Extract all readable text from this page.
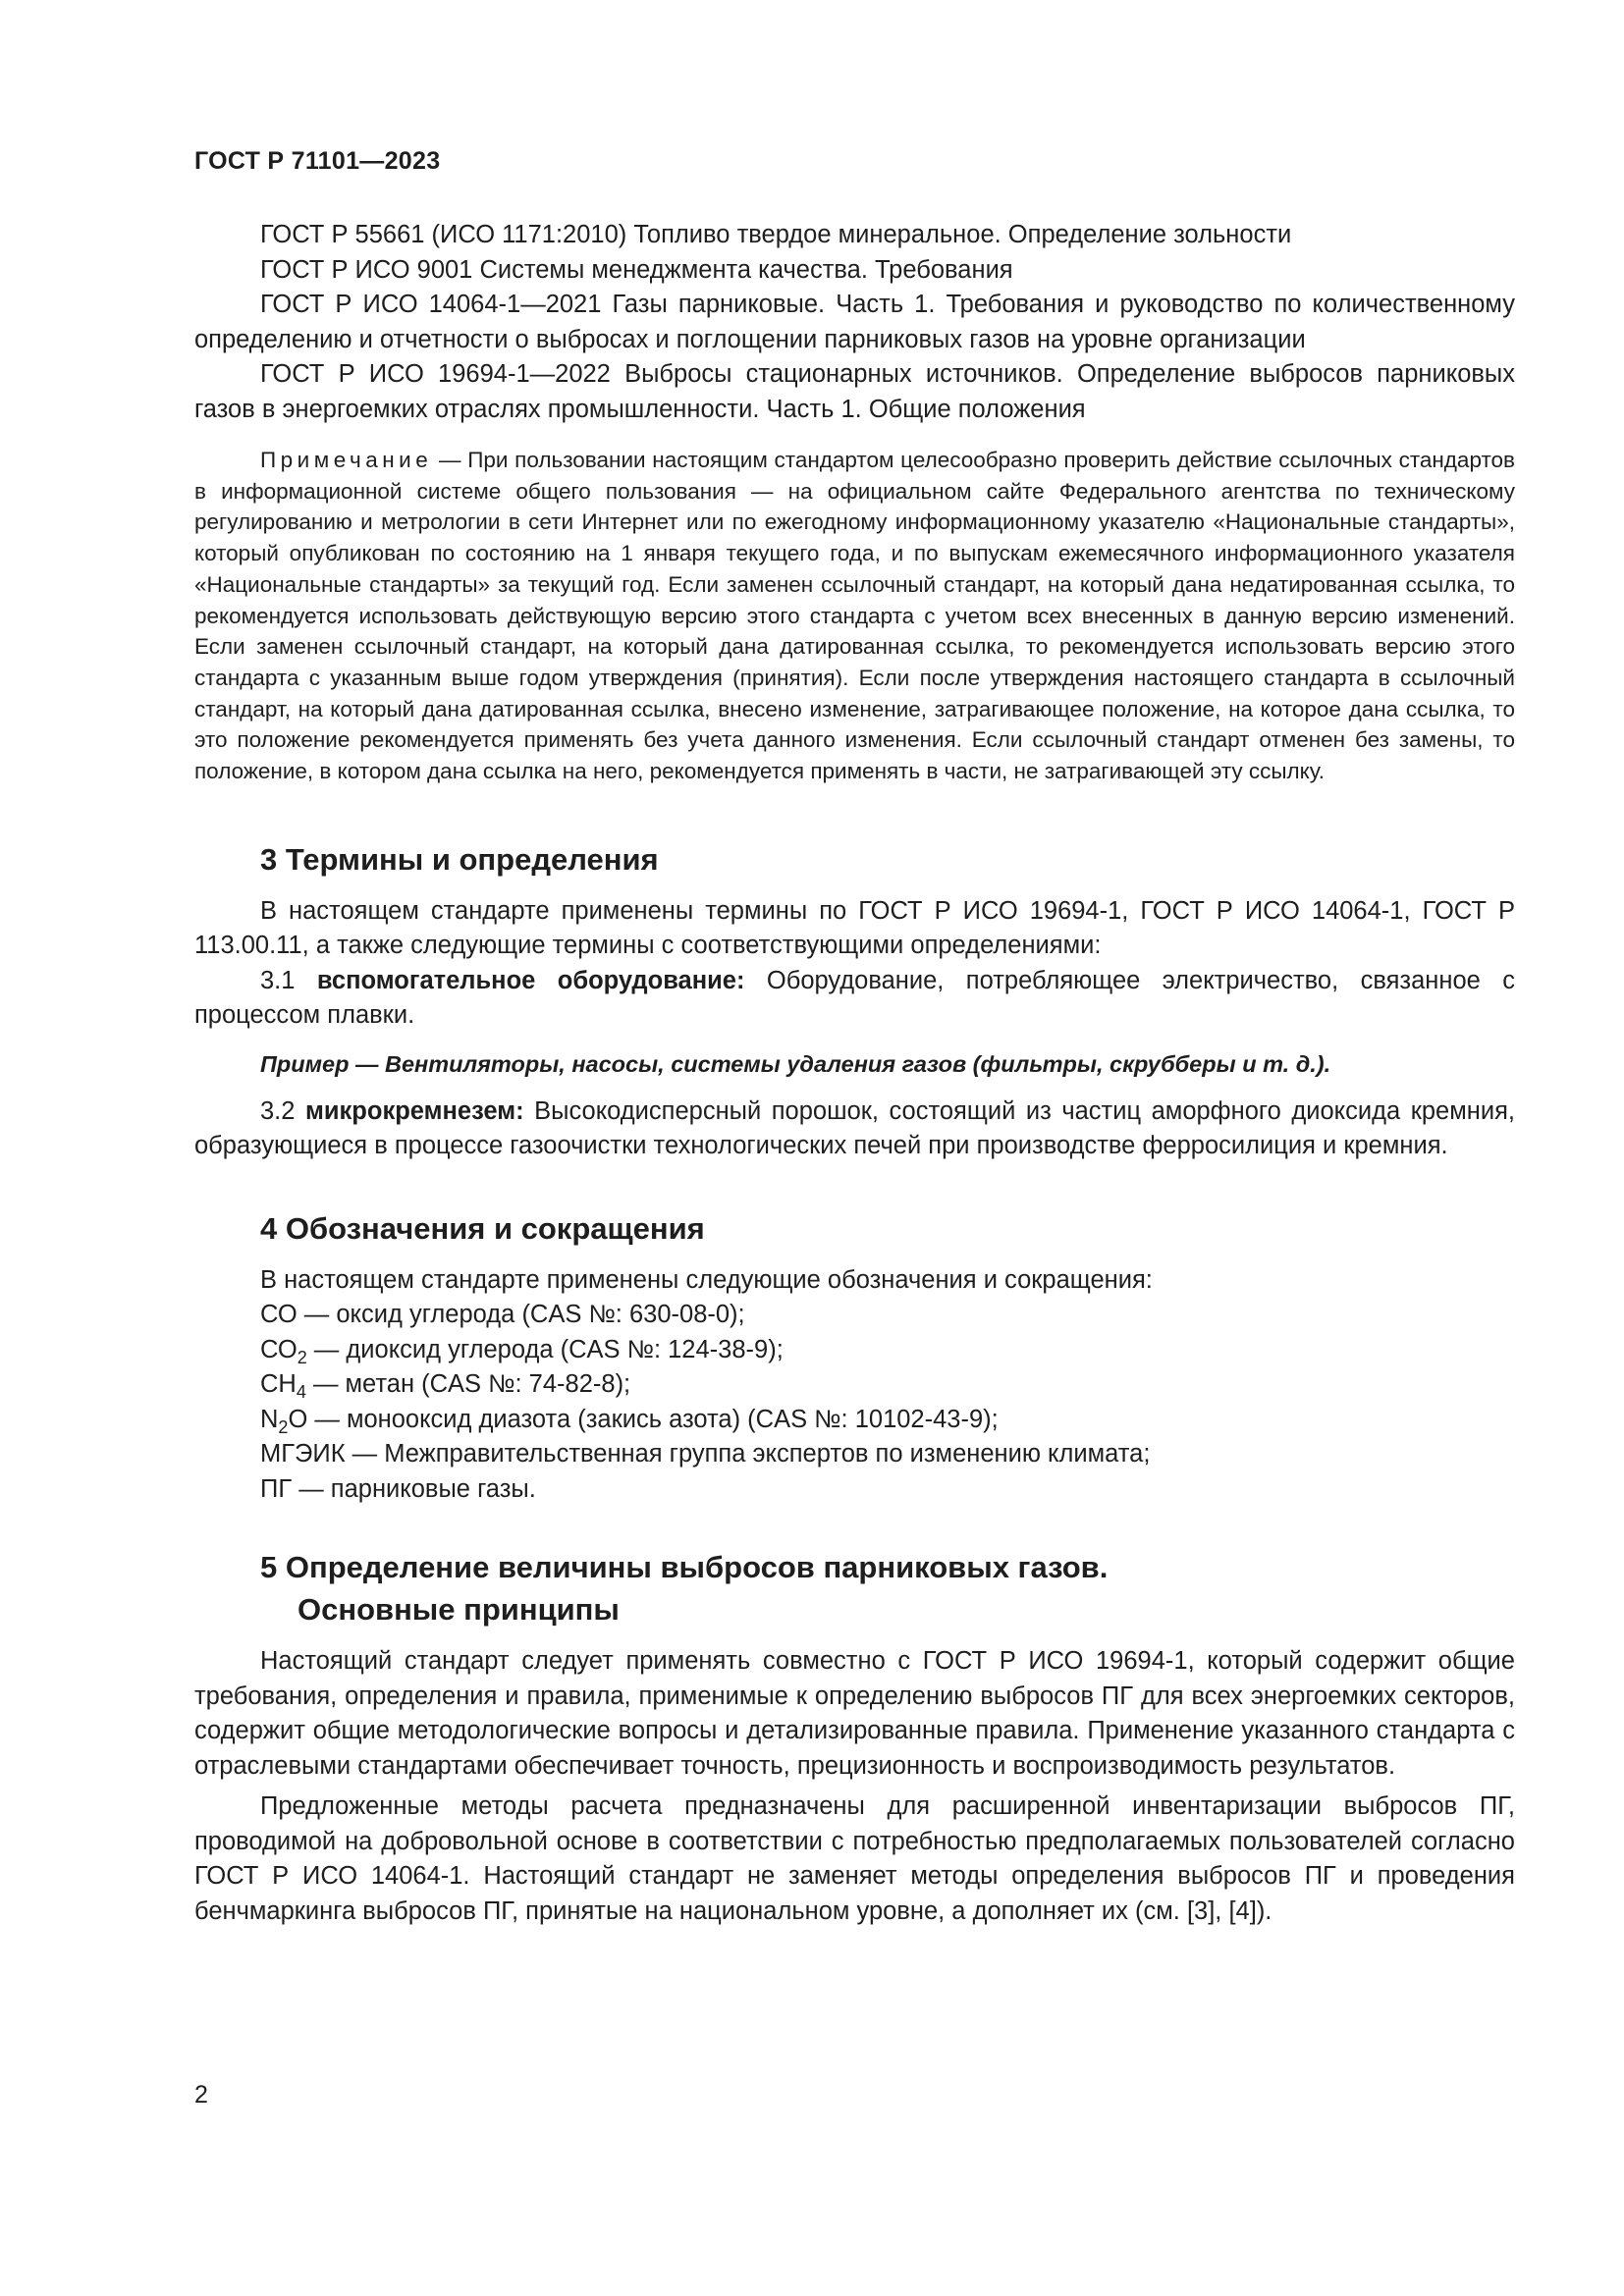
ГОСТ Р 71101—2023

ГОСТ Р 55661 (ИСО 1171:2010) Топливо твердое минеральное. Определение зольности

ГОСТ Р ИСО 9001 Системы менеджмента качества. Требования

ГОСТ Р ИСО 14064-1—2021 Газы парниковые. Часть 1. Требования и руководство по количественному определению и отчетности о выбросах и поглощении парниковых газов на уровне организации

ГОСТ Р ИСО 19694-1—2022 Выбросы стационарных источников. Определение выбросов парниковых газов в энергоемких отраслях промышленности. Часть 1. Общие положения

Примечание — При пользовании настоящим стандартом целесообразно проверить действие ссылочных стандартов в информационной системе общего пользования — на официальном сайте Федерального агентства по техническому регулированию и метрологии в сети Интернет или по ежегодному информационному указателю «Национальные стандарты», который опубликован по состоянию на 1 января текущего года, и по выпускам ежемесячного информационного указателя «Национальные стандарты» за текущий год. Если заменен ссылочный стандарт, на который дана недатированная ссылка, то рекомендуется использовать действующую версию этого стандарта с учетом всех внесенных в данную версию изменений. Если заменен ссылочный стандарт, на который дана датированная ссылка, то рекомендуется использовать версию этого стандарта с указанным выше годом утверждения (принятия). Если после утверждения настоящего стандарта в ссылочный стандарт, на который дана датированная ссылка, внесено изменение, затрагивающее положение, на которое дана ссылка, то это положение рекомендуется применять без учета данного изменения. Если ссылочный стандарт отменен без замены, то положение, в котором дана ссылка на него, рекомендуется применять в части, не затрагивающей эту ссылку.

3 Термины и определения

В настоящем стандарте применены термины по ГОСТ Р ИСО 19694-1, ГОСТ Р ИСО 14064-1, ГОСТ Р 113.00.11, а также следующие термины с соответствующими определениями:

3.1 вспомогательное оборудование: Оборудование, потребляющее электричество, связанное с процессом плавки.

Пример — Вентиляторы, насосы, системы удаления газов (фильтры, скрубберы и т. д.).

3.2 микрокремнезем: Высокодисперсный порошок, состоящий из частиц аморфного диоксида кремния, образующиеся в процессе газоочистки технологических печей при производстве ферросилиция и кремния.

4 Обозначения и сокращения
В настоящем стандарте применены следующие обозначения и сокращения:
СО — оксид углерода (CAS №: 630-08-0);
$СО_2$ — диоксид углерода (CAS №: 124-38-9);
$СН_4$ — метан (CAS №: 74-82-8);
$N_2O$ — монооксид диазота (закись азота) (CAS №: 10102-43-9);
МГЭИК — Межправительственная группа экспертов по изменению климата;
ПГ — парниковые газы.
5 Определение величины выбросов парниковых газов.
Основные принципы

Настоящий стандарт следует применять совместно с ГОСТ Р ИСО 19694-1, который содержит общие требования, определения и правила, применимые к определению выбросов ПГ для всех энергоемких секторов, содержит общие методологические вопросы и детализированные правила. Применение указанного стандарта с отраслевыми стандартами обеспечивает точность, прецизионность и воспроизводимость результатов.

Предложенные методы расчета предназначены для расширенной инвентаризации выбросов ПГ, проводимой на добровольной основе в соответствии с потребностью предполагаемых пользователей согласно ГОСТ Р ИСО 14064-1. Настоящий стандарт не заменяет методы определения выбросов ПГ и проведения бенчмаркинга выбросов ПГ, принятые на национальном уровне, а дополняет их (см. [3], [4]).

2
